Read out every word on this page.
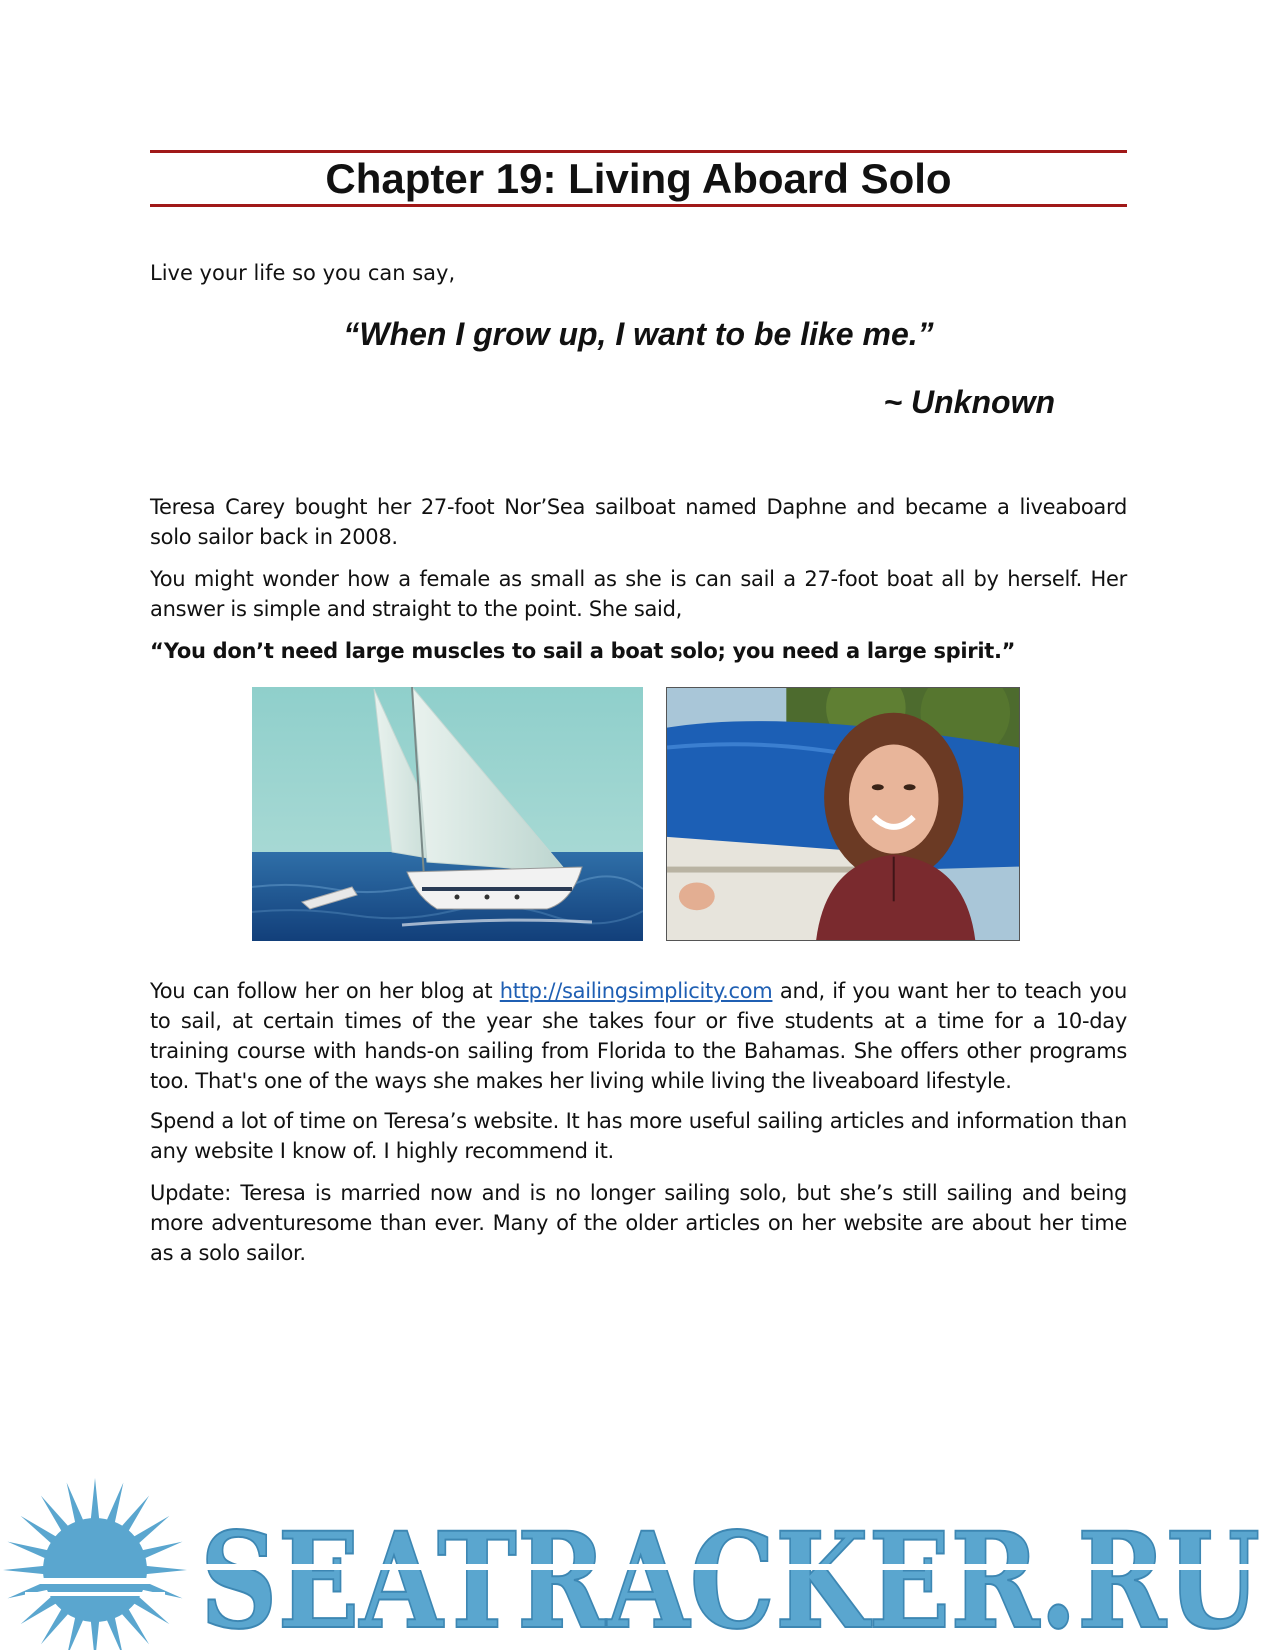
Chapter 19: Living Aboard Solo

Live your life so you can say,

“When I grow up, I want to be like me.”

~ Unknown

Teresa Carey bought her 27-foot Nor’Sea sailboat named Daphne and became a liveaboard solo sailor back in 2008.

You might wonder how a female as small as she is can sail a 27-foot boat all by herself. Her answer is simple and straight to the point. She said,

“You don’t need large muscles to sail a boat solo; you need a large spirit.”

You can follow her on her blog at http://sailingsimplicity.com and, if you want her to teach you to sail, at certain times of the year she takes four or five students at a time for a 10-day training course with hands-on sailing from Florida to the Bahamas. She offers other programs too. That's one of the ways she makes her living while living the liveaboard lifestyle.

Spend a lot of time on Teresa’s website. It has more useful sailing articles and information than any website I know of. I highly recommend it.

Update: Teresa is married now and is no longer sailing solo, but she’s still sailing and being more adventuresome than ever. Many of the older articles on her website are about her time as a solo sailor.

SEATRACKER.RU
